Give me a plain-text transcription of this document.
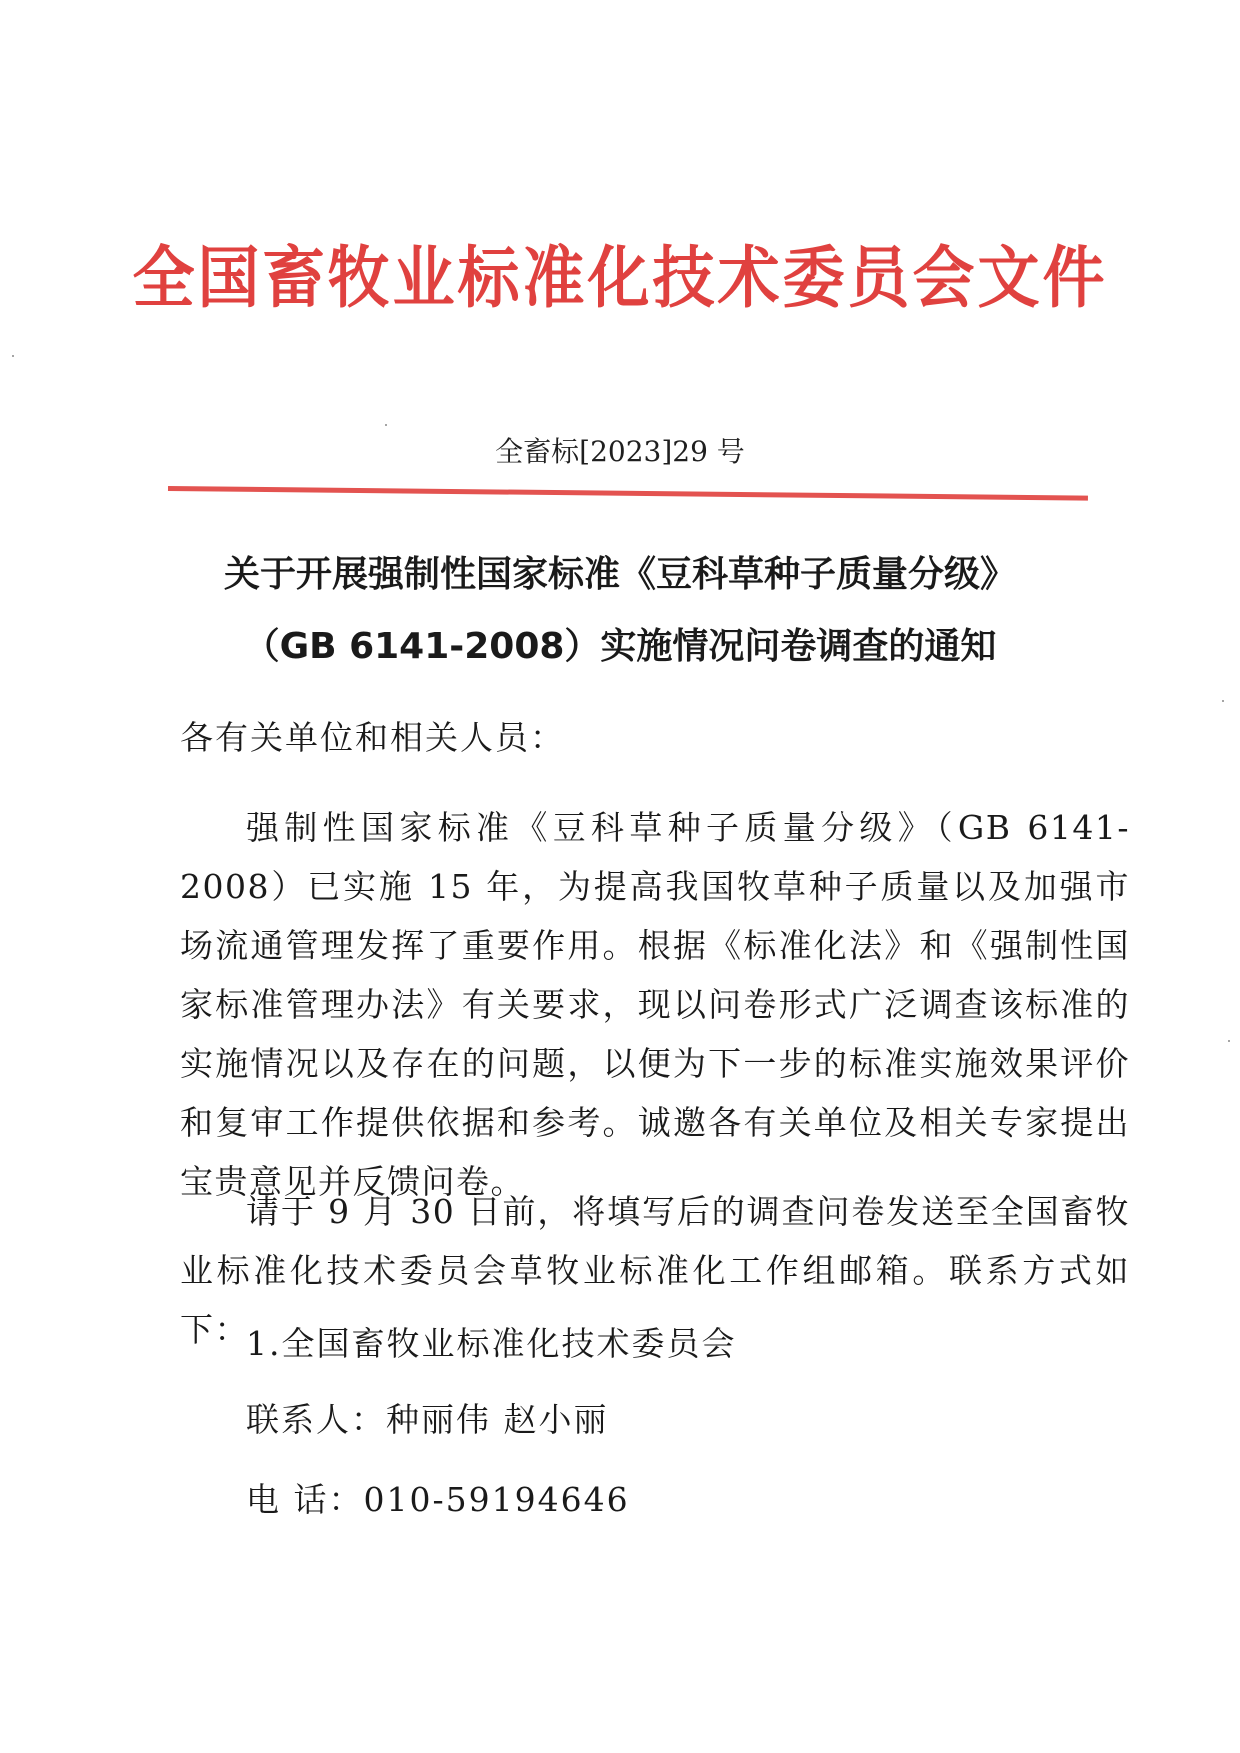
全国畜牧业标准化技术委员会文件
全畜标[2023]29 号
关于开展强制性国家标准《豆科草种子质量分级》
（GB 6141-2008）实施情况问卷调查的通知
各有关单位和相关人员：
强制性国家标准《豆科草种子质量分级》（GB 6141-2008）已实施 15 年，为提高我国牧草种子质量以及加强市场流通管理发挥了重要作用。根据《标准化法》和《强制性国家标准管理办法》有关要求，现以问卷形式广泛调查该标准的实施情况以及存在的问题，以便为下一步的标准实施效果评价和复审工作提供依据和参考。诚邀各有关单位及相关专家提出宝贵意见并反馈问卷。
请于 9 月 30 日前，将填写后的调查问卷发送至全国畜牧业标准化技术委员会草牧业标准化工作组邮箱。联系方式如下：
1.全国畜牧业标准化技术委员会
联系人：种丽伟 赵小丽
电 话：010-59194646
